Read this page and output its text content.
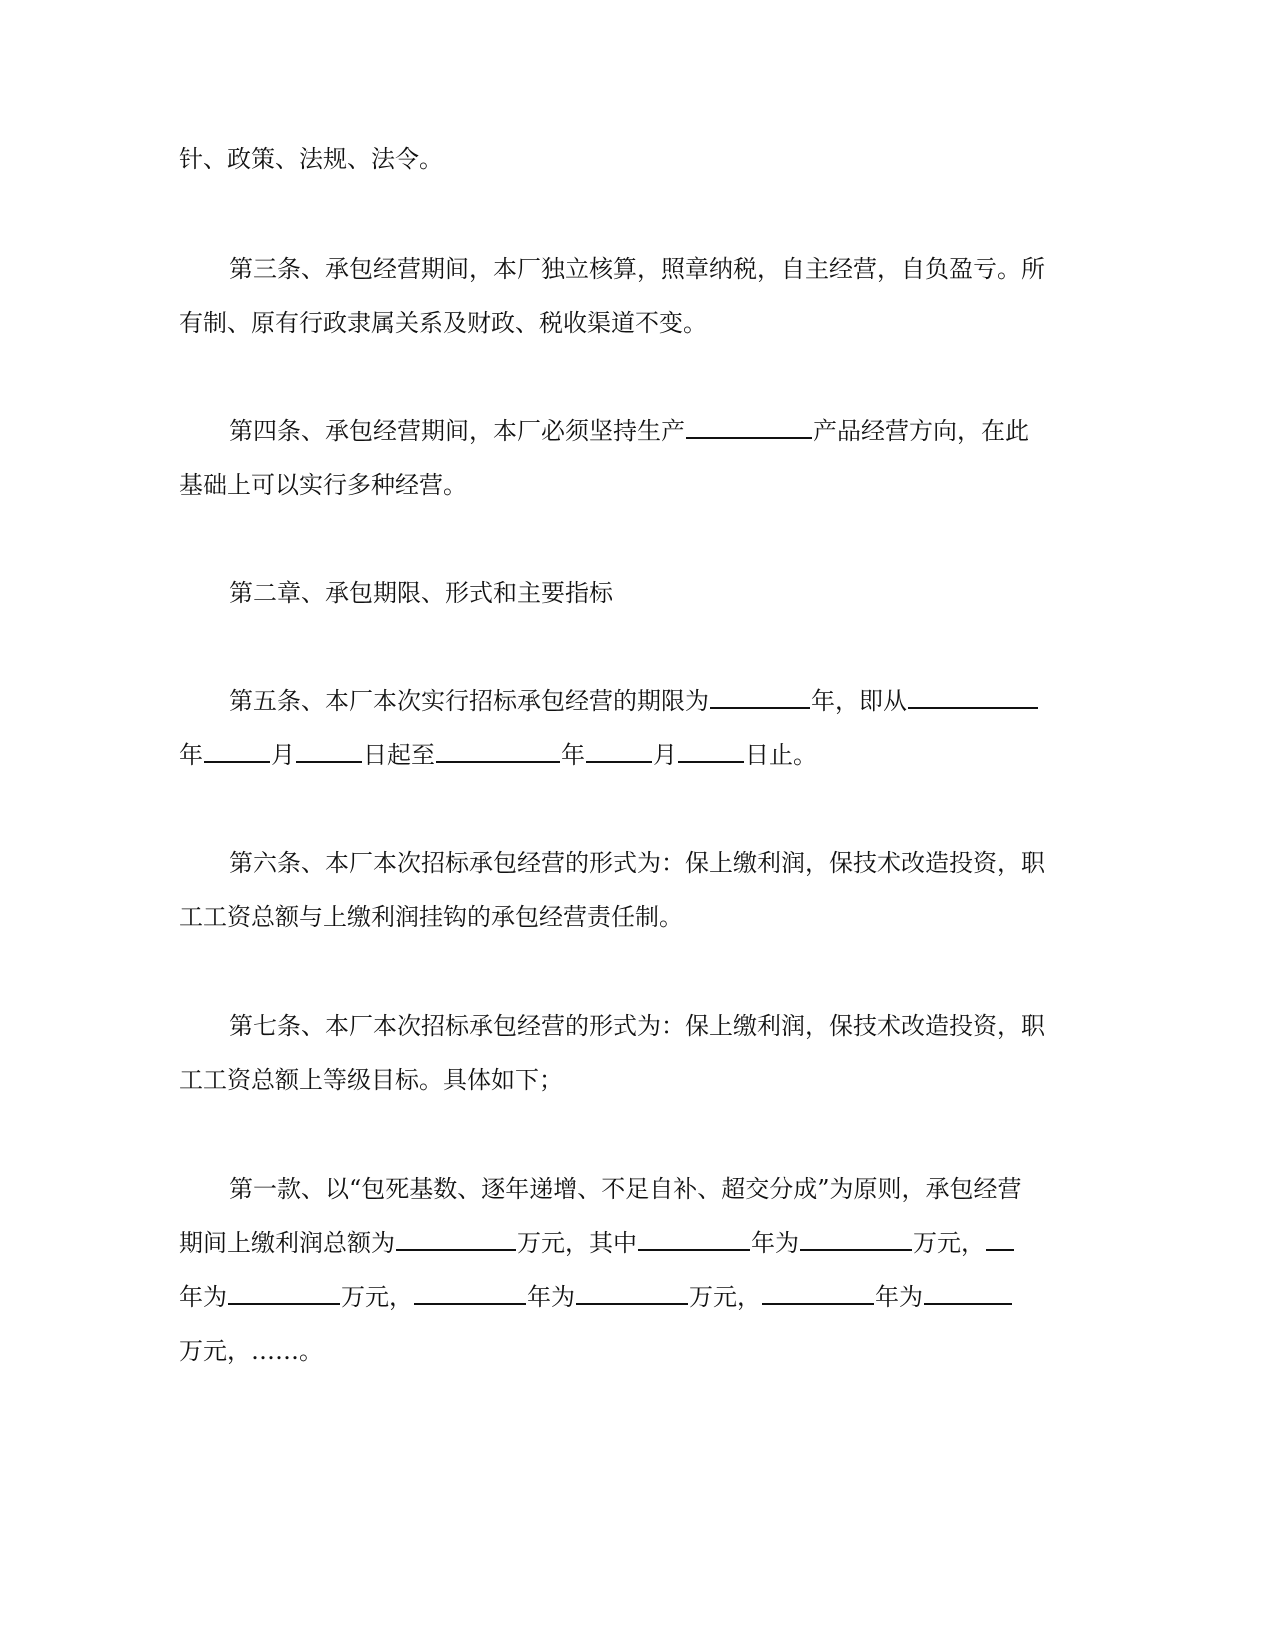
针、政策、法规、法令。
第三条、承包经营期间，本厂独立核算，照章纳税，自主经营，自负盈亏。所
有制、原有行政隶属关系及财政、税收渠道不变。
第四条、承包经营期间，本厂必须坚持生产	产品经营方向，在此
基础上可以实行多种经营。
第二章、承包期限、形式和主要指标
第五条、本厂本次实行招标承包经营的期限为	年，即从
年	月	日起至	年	月	日止。
第六条、本厂本次招标承包经营的形式为：保上缴利润，保技术改造投资，职
工工资总额与上缴利润挂钩的承包经营责任制。
第七条、本厂本次招标承包经营的形式为：保上缴利润，保技术改造投资，职
工工资总额上等级目标。具体如下；
第一款、以“包死基数、逐年递增、不足自补、超交分成”为原则，承包经营
期间上缴利润总额为	万元，其中	年为	万元，
年为	万元，	年为	万元，	年为
万元，……。
